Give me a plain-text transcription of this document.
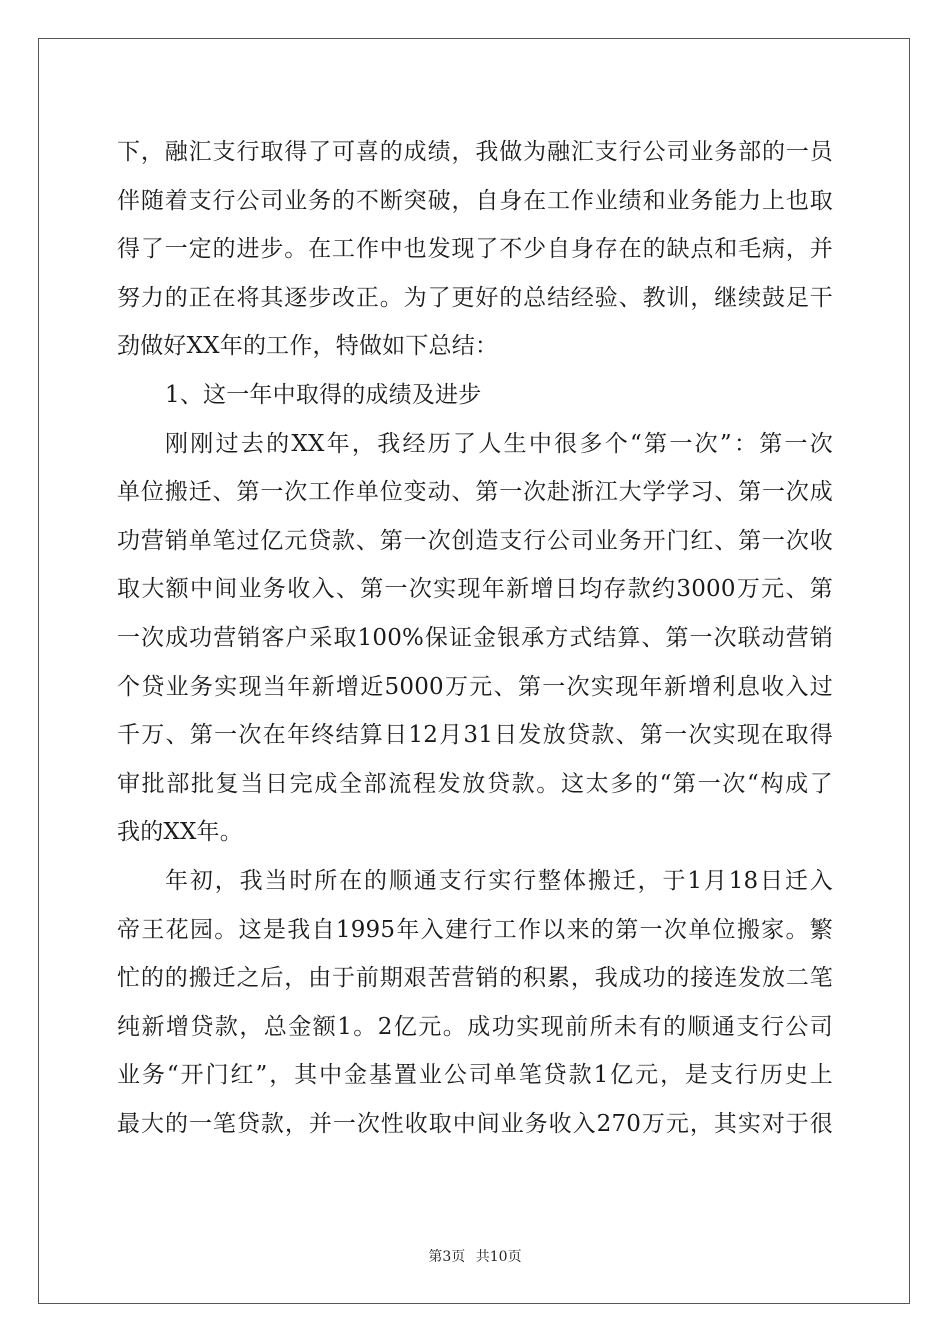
下，融汇支行取得了可喜的成绩，我做为融汇支行公司业务部的一员
伴随着支行公司业务的不断突破，自身在工作业绩和业务能力上也取
得了一定的进步。在工作中也发现了不少自身存在的缺点和毛病，并
努力的正在将其逐步改正。为了更好的总结经验、教训，继续鼓足干
劲做好XX年的工作，特做如下总结：
1、这一年中取得的成绩及进步
刚刚过去的XX年，我经历了人生中很多个“第一次”：第一次
单位搬迁、第一次工作单位变动、第一次赴浙江大学学习、第一次成
功营销单笔过亿元贷款、第一次创造支行公司业务开门红、第一次收
取大额中间业务收入、第一次实现年新增日均存款约3000万元、第
一次成功营销客户采取100%保证金银承方式结算、第一次联动营销
个贷业务实现当年新增近5000万元、第一次实现年新增利息收入过
千万、第一次在年终结算日12月31日发放贷款、第一次实现在取得
审批部批复当日完成全部流程发放贷款。这太多的“第一次“构成了
我的XX年。
年初，我当时所在的顺通支行实行整体搬迁，于1月18日迁入
帝王花园。这是我自1995年入建行工作以来的第一次单位搬家。繁
忙的的搬迁之后，由于前期艰苦营销的积累，我成功的接连发放二笔
纯新增贷款，总金额1。2亿元。成功实现前所未有的顺通支行公司
业务“开门红”，其中金基置业公司单笔贷款1亿元，是支行历史上
最大的一笔贷款，并一次性收取中间业务收入270万元，其实对于很
第3页 共10页
